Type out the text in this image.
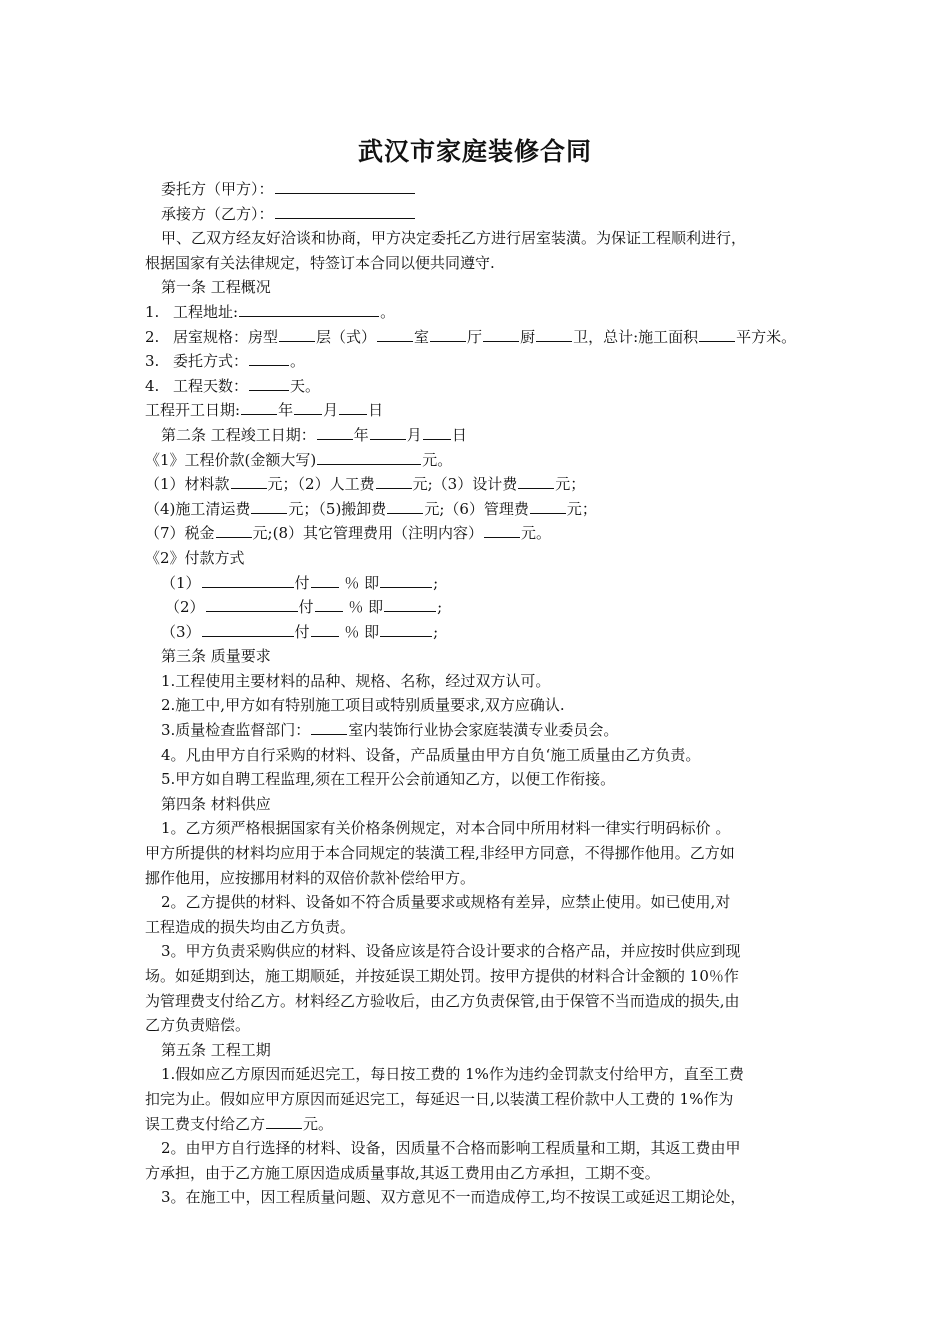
武汉市家庭装修合同
委托方（甲方）：
承接方（乙方）：
甲、乙双方经友好洽谈和协商，甲方决定委托乙方进行居室装潢。为保证工程顺利进行，
根据国家有关法律规定，特签订本合同以便共同遵守.
第一条 工程概况
1. 工程地址:	。
2. 居室规格：房型	层（式）	室	厅	厨	卫，总计:施工面积	平方米。
3. 委托方式：	。
4. 工程天数：	天。
工程开工日期:	年 月 日
第二条 工程竣工日期：	年	月 日
《1》工程价款(金额大写)	元。
（1）材料款	元；（2）人工费	元;（3）设计费	元；
（4)施工清运费	元；（5)搬卸费	元;（6）管理费	元；
（7）税金	元;(8）其它管理费用（注明内容）	元。
《2》付款方式
（1）	付 ％ 即	;
（2）	付 ％ 即	;
（3）	付 ％ 即	;
第三条 质量要求
1.工程使用主要材料的品种、规格、名称，经过双方认可。
2.施工中,甲方如有特别施工项目或特别质量要求,双方应确认.
3.质量检查监督部门：	室内装饰行业协会家庭装潢专业委员会。
4。凡由甲方自行采购的材料、设备，产品质量由甲方自负‘施工质量由乙方负责。
5.甲方如自聘工程监理,须在工程开公会前通知乙方，以便工作衔接。
第四条 材料供应
1。乙方须严格根据国家有关价格条例规定，对本合同中所用材料一律实行明码标价 。
甲方所提供的材料均应用于本合同规定的装潢工程,非经甲方同意，不得挪作他用。乙方如
挪作他用，应按挪用材料的双倍价款补偿给甲方。
2。乙方提供的材料、设备如不符合质量要求或规格有差异，应禁止使用。如已使用,对
工程造成的损失均由乙方负责。
3。甲方负责采购供应的材料、设备应该是符合设计要求的合格产品，并应按时供应到现
场。如延期到达，施工期顺延，并按延误工期处罚。按甲方提供的材料合计金额的 10％作
为管理费支付给乙方。材料经乙方验收后，由乙方负责保管,由于保管不当而造成的损失,由
乙方负责赔偿。
第五条 工程工期
1.假如应乙方原因而延迟完工，每日按工费的 1%作为违约金罚款支付给甲方，直至工费
扣完为止。假如应甲方原因而延迟完工，每延迟一日,以装潢工程价款中人工费的 1%作为
误工费支付给乙方	元。
2。由甲方自行选择的材料、设备，因质量不合格而影响工程质量和工期，其返工费由甲
方承担，由于乙方施工原因造成质量事故,其返工费用由乙方承担，工期不变。
3。在施工中，因工程质量问题、双方意见不一而造成停工,均不按误工或延迟工期论处，
